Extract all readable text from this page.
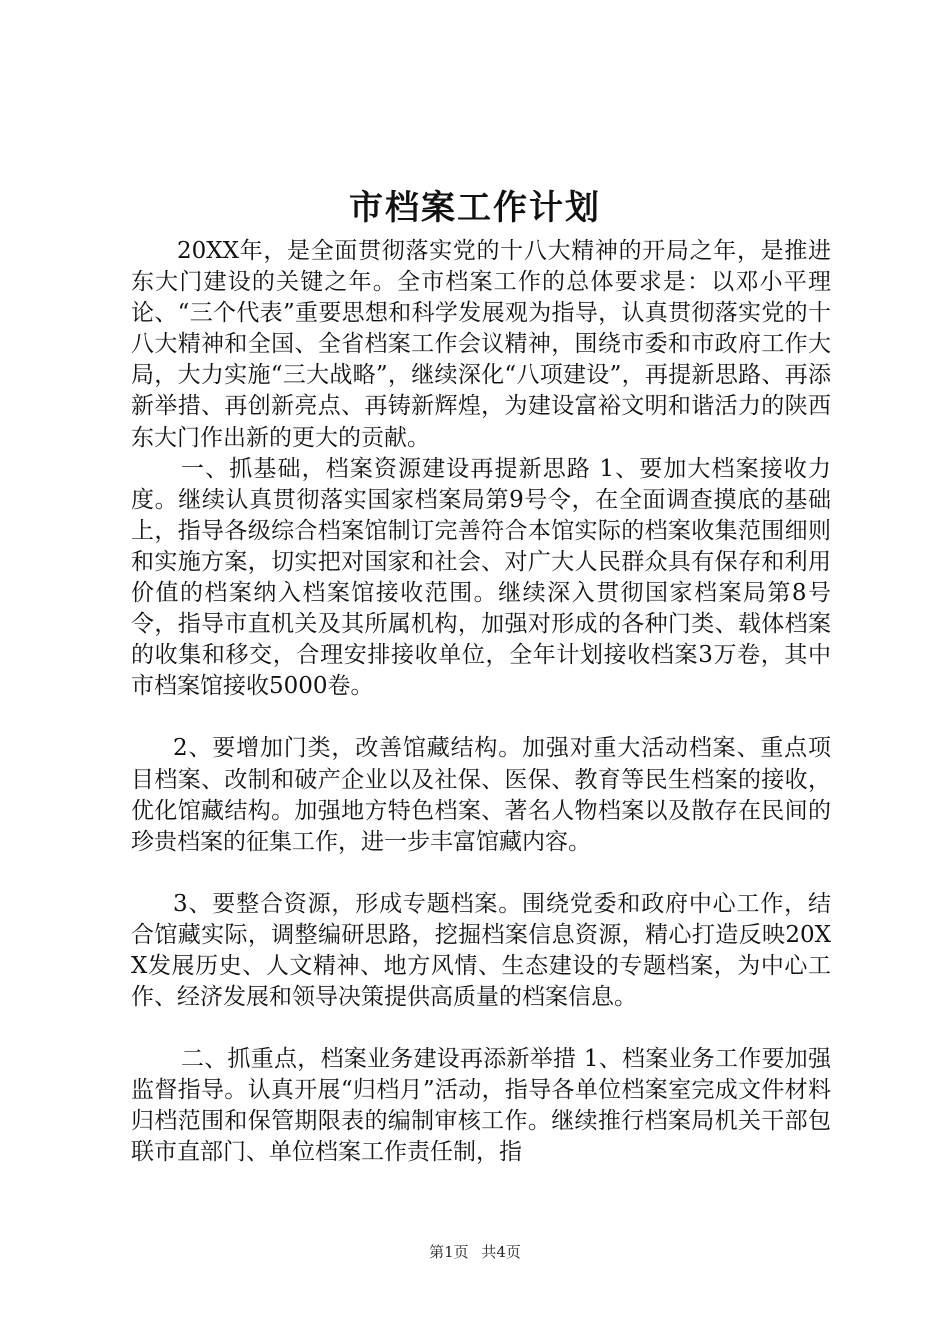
市档案工作计划

20XX年，是全面贯彻落实党的十八大精神的开局之年，是推进东大门建设的关键之年。全市档案工作的总体要求是：以邓小平理论、“三个代表”重要思想和科学发展观为指导，认真贯彻落实党的十八大精神和全国、全省档案工作会议精神，围绕市委和市政府工作大局，大力实施“三大战略”，继续深化“八项建设”，再提新思路、再添新举措、再创新亮点、再铸新辉煌，为建设富裕文明和谐活力的陕西东大门作出新的更大的贡献。

一、抓基础，档案资源建设再提新思路 1、要加大档案接收力度。继续认真贯彻落实国家档案局第9号令，在全面调查摸底的基础上，指导各级综合档案馆制订完善符合本馆实际的档案收集范围细则和实施方案，切实把对国家和社会、对广大人民群众具有保存和利用价值的档案纳入档案馆接收范围。继续深入贯彻国家档案局第8号令，指导市直机关及其所属机构，加强对形成的各种门类、载体档案的收集和移交，合理安排接收单位，全年计划接收档案3万卷，其中市档案馆接收5000卷。

2、要增加门类，改善馆藏结构。加强对重大活动档案、重点项目档案、改制和破产企业以及社保、医保、教育等民生档案的接收，优化馆藏结构。加强地方特色档案、著名人物档案以及散存在民间的珍贵档案的征集工作，进一步丰富馆藏内容。

3、要整合资源，形成专题档案。围绕党委和政府中心工作，结合馆藏实际，调整编研思路，挖掘档案信息资源，精心打造反映20XX发展历史、人文精神、地方风情、生态建设的专题档案，为中心工作、经济发展和领导决策提供高质量的档案信息。

二、抓重点，档案业务建设再添新举措 1、档案业务工作要加强监督指导。认真开展“归档月”活动，指导各单位档案室完成文件材料归档范围和保管期限表的编制审核工作。继续推行档案局机关干部包联市直部门、单位档案工作责任制，指

第1页 共4页
